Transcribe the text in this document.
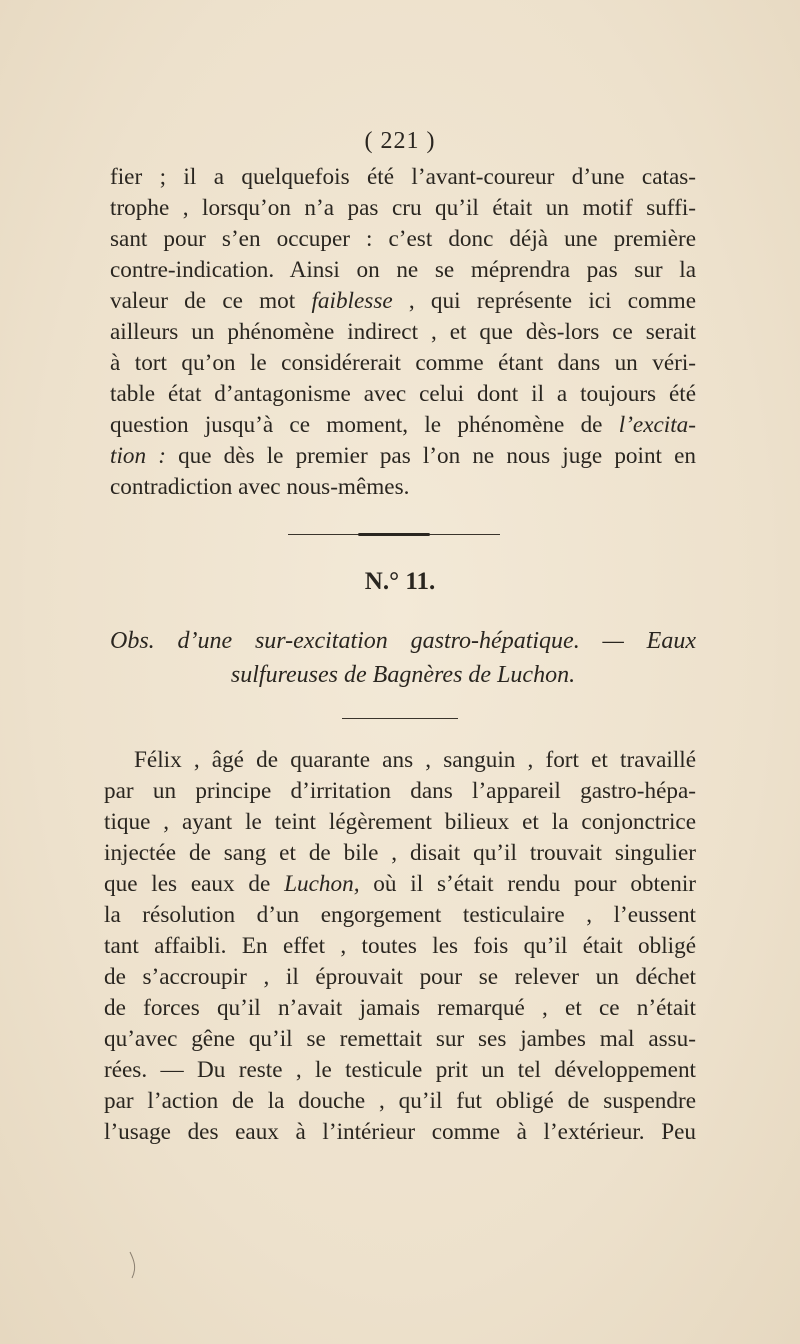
( 221 )
fier ; il a quelquefois été l’avant-coureur d’une catas-
trophe , lorsqu’on n’a pas cru qu’il était un motif suffi-
sant pour s’en occuper : c’est donc déjà une première
contre-indication. Ainsi on ne se méprendra pas sur la
valeur de ce mot faiblesse , qui représente ici comme
ailleurs un phénomène indirect , et que dès-lors ce serait
à tort qu’on le considérerait comme étant dans un véri-
table état d’antagonisme avec celui dont il a toujours été
question jusqu’à ce moment, le phénomène de l’excita-
tion : que dès le premier pas l’on ne nous juge point en
contradiction avec nous-mêmes.
N.° 11.
Obs. d’une sur-excitation gastro-hépatique. — Eaux
sulfureuses de Bagnères de Luchon.
Félix , âgé de quarante ans , sanguin , fort et travaillé
par un principe d’irritation dans l’appareil gastro-hépa-
tique , ayant le teint légèrement bilieux et la conjonctrice
injectée de sang et de bile , disait qu’il trouvait singulier
que les eaux de Luchon, où il s’était rendu pour obtenir
la résolution d’un engorgement testiculaire , l’eussent
tant affaibli. En effet , toutes les fois qu’il était obligé
de s’accroupir , il éprouvait pour se relever un déchet
de forces qu’il n’avait jamais remarqué , et ce n’était
qu’avec gêne qu’il se remettait sur ses jambes mal assu-
rées. — Du reste , le testicule prit un tel développement
par l’action de la douche , qu’il fut obligé de suspendre
l’usage des eaux à l’intérieur comme à l’extérieur. Peu
